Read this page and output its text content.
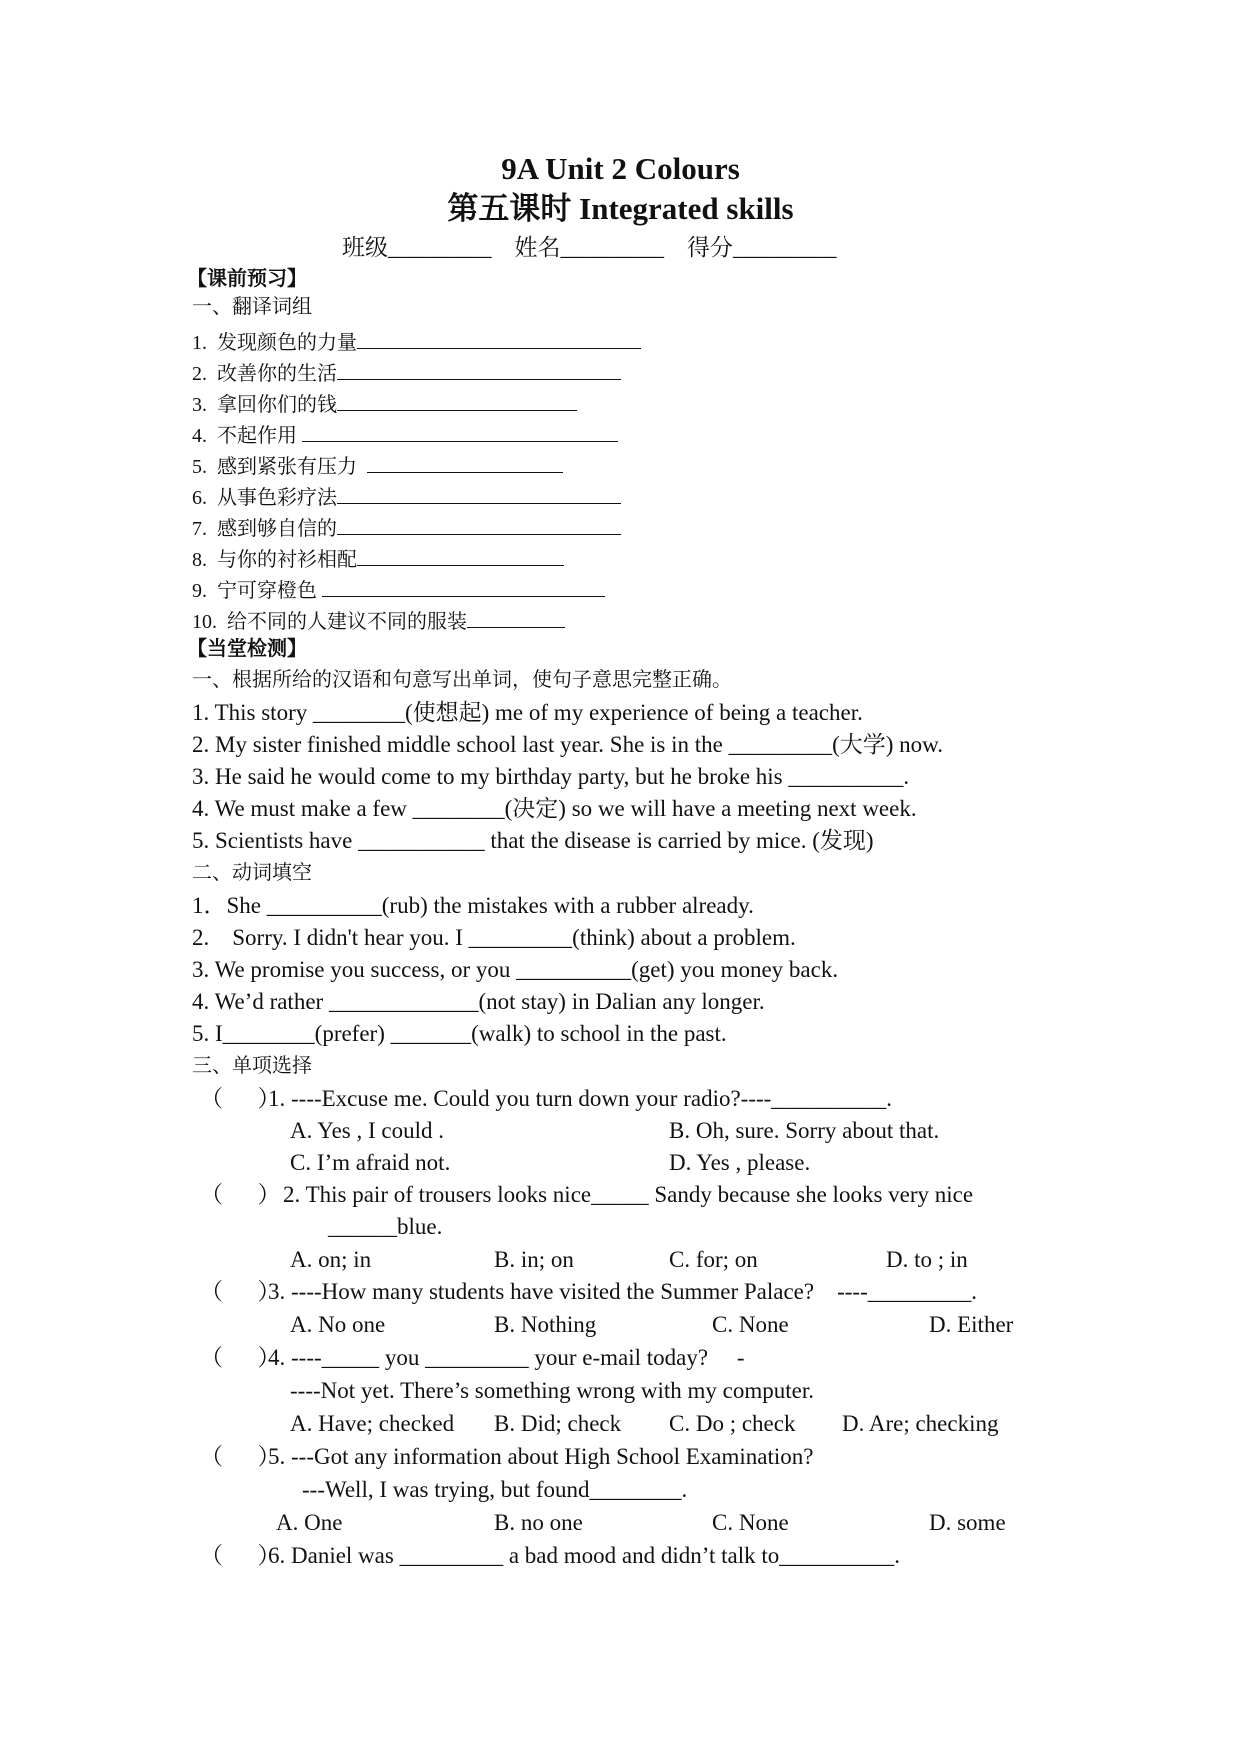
9A Unit 2 Colours
第五课时 Integrated skills
班级_________    姓名_________    得分_________
【课前预习】
一、翻译词组
1.  发现颜色的力量
2.  改善你的生活
3.  拿回你们的钱
4.  不起作用
5.  感到紧张有压力
6.  从事色彩疗法
7.  感到够自信的
8.  与你的衬衫相配
9.  宁可穿橙色
10.  给不同的人建议不同的服装
【当堂检测】
一、根据所给的汉语和句意写出单词，使句子意思完整正确。
1. This story ________(使想起) me of my experience of being a teacher.
2. My sister finished middle school last year. She is in the _________(大学) now.
3. He said he would come to my birthday party, but he broke his __________.
4. We must make a few ________(决定) so we will have a meeting next week.
5. Scientists have ___________ that the disease is carried by mice. (发现)
二、动词填空
1．She __________(rub) the mistakes with a rubber already.
2.    Sorry. I didn't hear you. I _________(think) about a problem.
3. We promise you success, or you __________(get) you money back.
4. We’d rather _____________(not stay) in Dalian any longer.
5. I________(prefer) _______(walk) to school in the past.
三、单项选择
（      ）1. ----Excuse me. Could you turn down your radio?----__________.
A. Yes , I could .	B. Oh, sure. Sorry about that.
C. I’m afraid not.	D. Yes , please.
（      ） 2. This pair of trousers looks nice_____ Sandy because she looks very nice
______blue.
A. on; in	B. in; on	C. for; on	D. to ; in
（      ）3. ----How many students have visited the Summer Palace?    ----_________.
A. No one	B. Nothing	C. None	D. Either
（      ）4. ----_____ you _________ your e-mail today?     -
----Not yet. There’s something wrong with my computer.
A. Have; checked B. Did; check C. Do ; check D. Are; checking
（      ）5. ---Got any information about High School Examination?
---Well, I was trying, but found________.
A. One	B. no one	C. None	D. some
（      ）6. Daniel was _________ a bad mood and didn’t talk to__________.
